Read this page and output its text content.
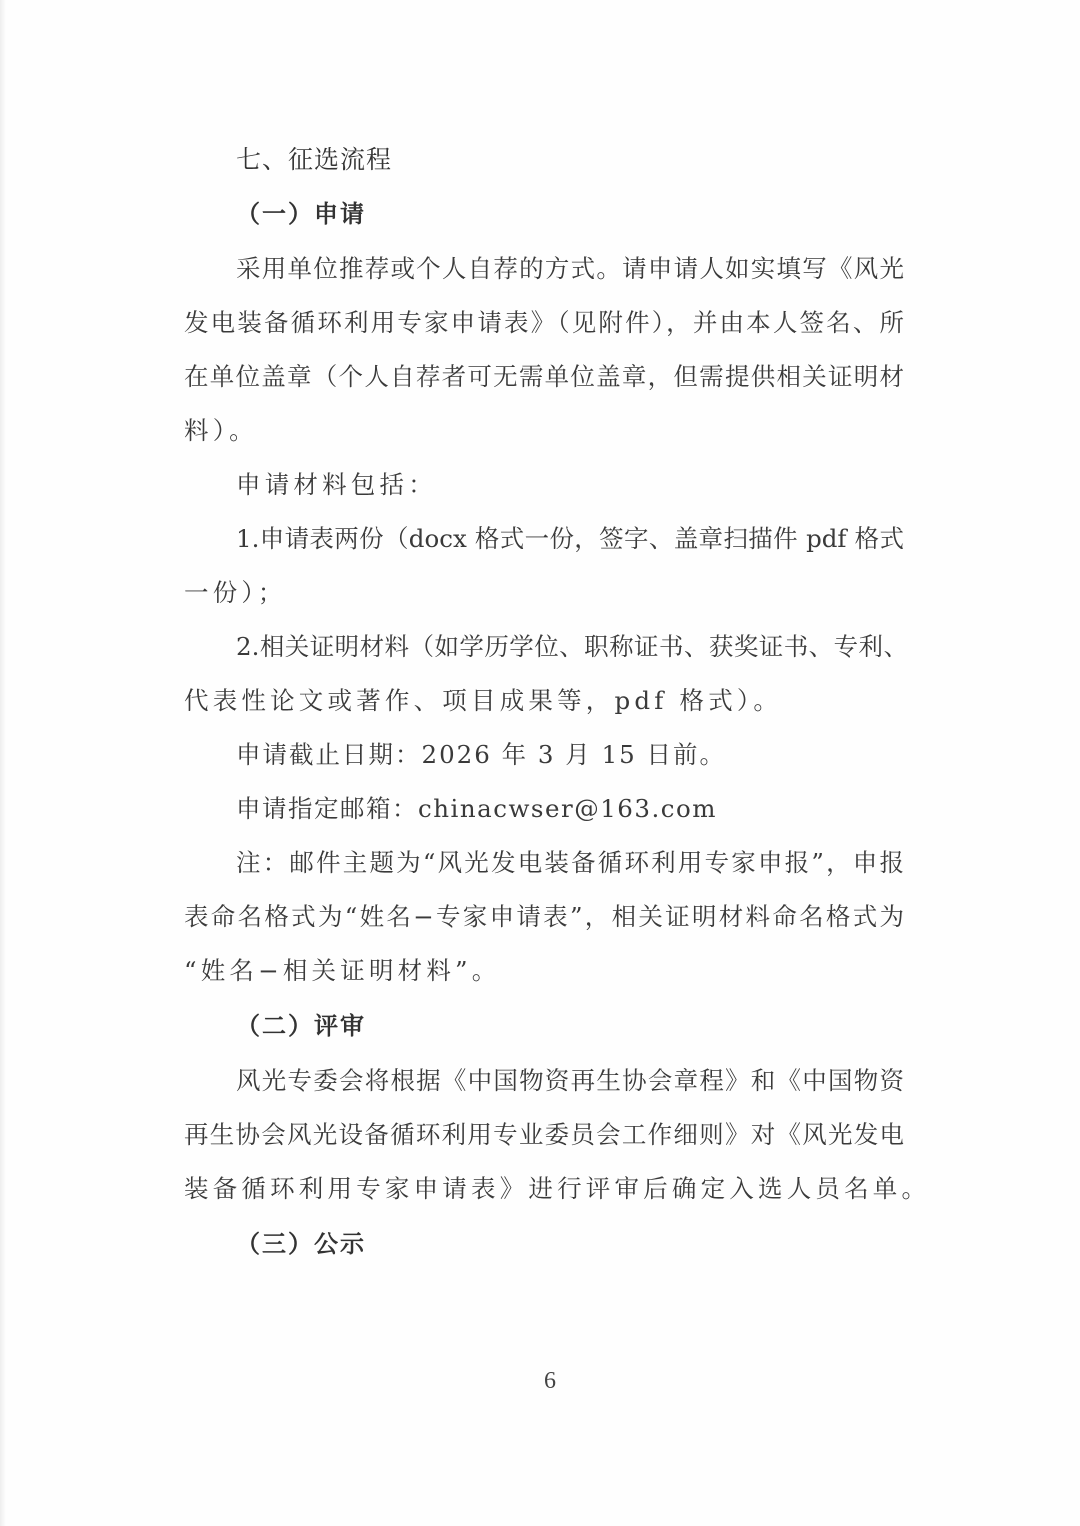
七、征选流程
（一）申请
采用单位推荐或个人自荐的方式。请申请人如实填写《风光
发电装备循环利用专家申请表》（见附件），并由本人签名、所
在单位盖章（个人自荐者可无需单位盖章，但需提供相关证明材
料）。
申请材料包括：
1.申请表两份（docx 格式一份，签字、盖章扫描件 pdf 格式
一份）；
2.相关证明材料（如学历学位、职称证书、获奖证书、专利、
代表性论文或著作、项目成果等，pdf 格式）。
申请截止日期：2026 年 3 月 15 日前。
申请指定邮箱：chinacwser@163.com
注：邮件主题为“风光发电装备循环利用专家申报”，申报
表命名格式为“姓名−专家申请表”，相关证明材料命名格式为
“姓名−相关证明材料”。
（二）评审
风光专委会将根据《中国物资再生协会章程》和《中国物资
再生协会风光设备循环利用专业委员会工作细则》对《风光发电
装备循环利用专家申请表》进行评审后确定入选人员名单。
（三）公示
6
